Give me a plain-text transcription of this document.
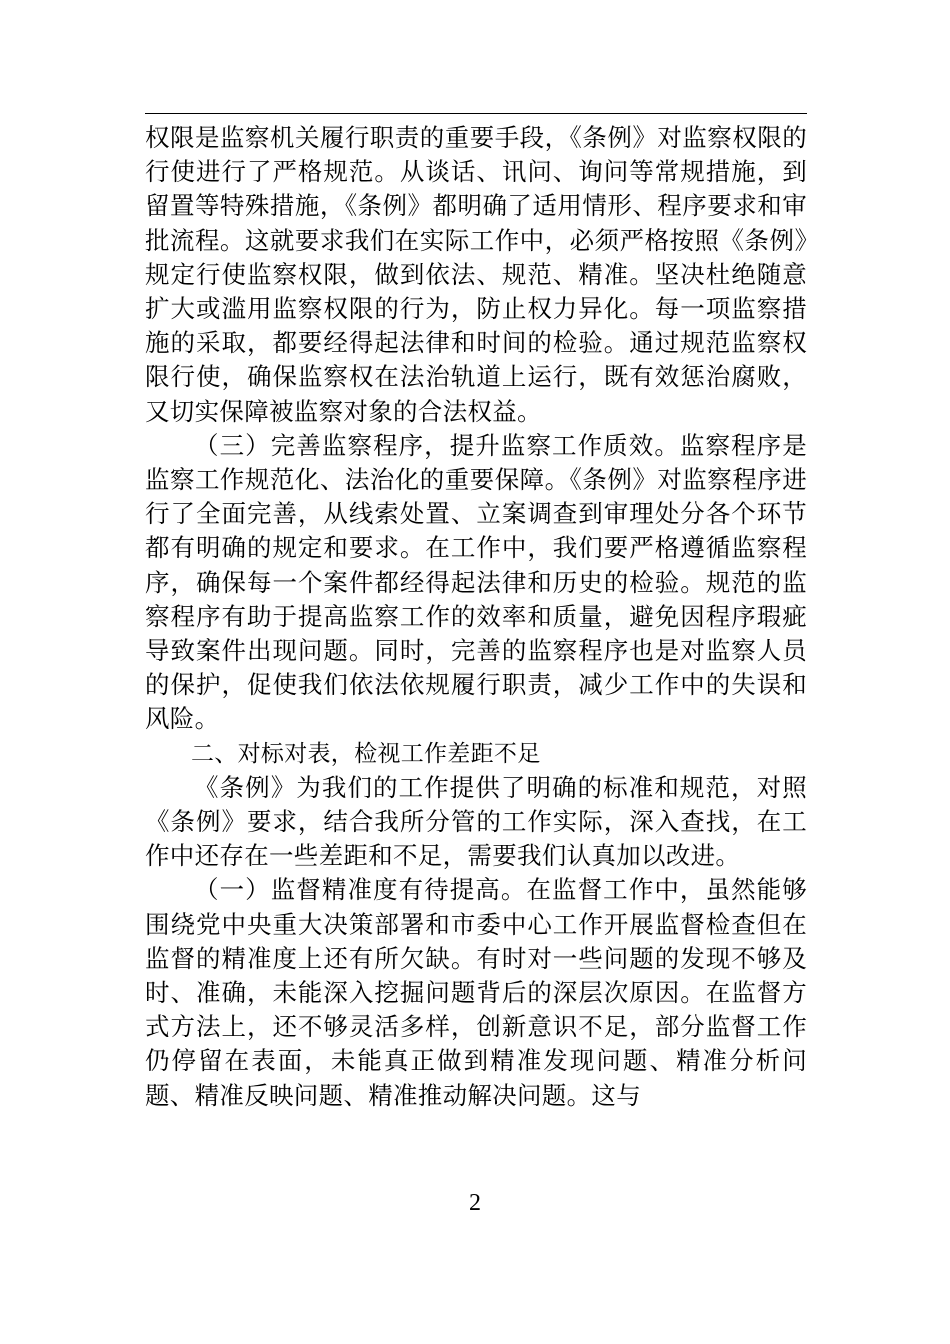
权限是监察机关履行职责的重要手段，《条例》对监察权限的行使进行了严格规范。从谈话、讯问、询问等常规措施，到留置等特殊措施，《条例》都明确了适用情形、程序要求和审批流程。这就要求我们在实际工作中，必须严格按照《条例》规定行使监察权限，做到依法、规范、精准。坚决杜绝随意扩大或滥用监察权限的行为，防止权力异化。每一项监察措施的采取，都要经得起法律和时间的检验。通过规范监察权限行使，确保监察权在法治轨道上运行，既有效惩治腐败，又切实保障被监察对象的合法权益。

（三）完善监察程序，提升监察工作质效。监察程序是监察工作规范化、法治化的重要保障。《条例》对监察程序进行了全面完善，从线索处置、立案调查到审理处分各个环节都有明确的规定和要求。在工作中，我们要严格遵循监察程序，确保每一个案件都经得起法律和历史的检验。规范的监察程序有助于提高监察工作的效率和质量，避免因程序瑕疵导致案件出现问题。同时，完善的监察程序也是对监察人员的保护，促使我们依法依规履行职责，减少工作中的失误和风险。

二、对标对表，检视工作差距不足

《条例》为我们的工作提供了明确的标准和规范，对照《条例》要求，结合我所分管的工作实际，深入查找，在工作中还存在一些差距和不足，需要我们认真加以改进。

（一）监督精准度有待提高。在监督工作中，虽然能够围绕党中央重大决策部署和市委中心工作开展监督检查但在监督的精准度上还有所欠缺。有时对一些问题的发现不够及时、准确，未能深入挖掘问题背后的深层次原因。在监督方式方法上，还不够灵活多样，创新意识不足，部分监督工作仍停留在表面，未能真正做到精准发现问题、精准分析问题、精准反映问题、精准推动解决问题。这与

2
